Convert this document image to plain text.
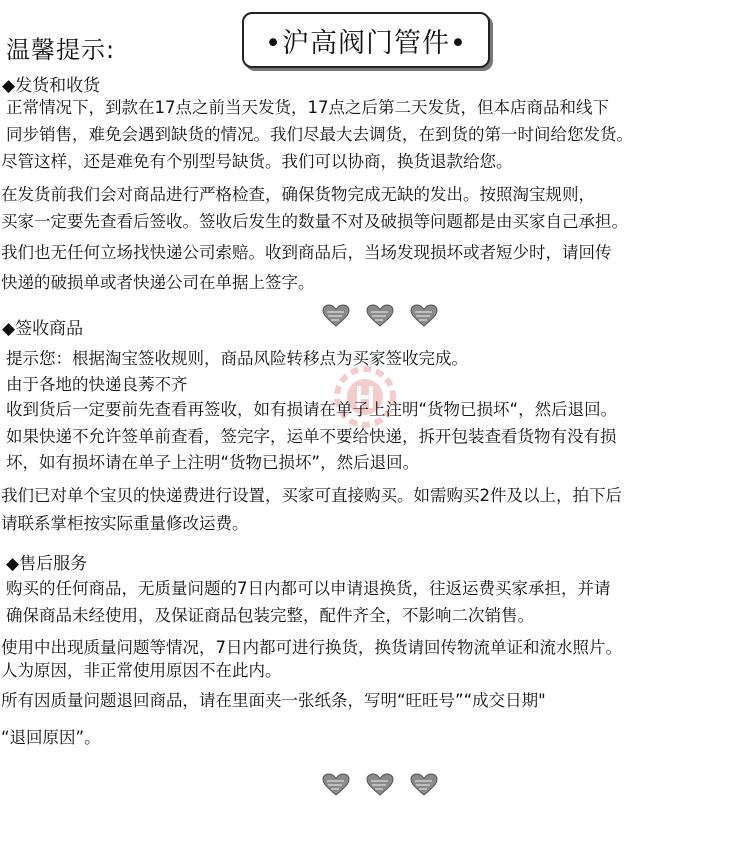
温馨提示:	•沪高阀门管件•
◆发货和收货
正常情况下，到款在17点之前当天发货，17点之后第二天发货，但本店商品和线下
同步销售，难免会遇到缺货的情况。我们尽最大去调货，在到货的第一时间给您发货。
尽管这样，还是难免有个别型号缺货。我们可以协商，换货退款给您。
在发货前我们会对商品进行严格检查，确保货物完成无缺的发出。按照淘宝规则，
买家一定要先查看后签收。签收后发生的数量不对及破损等问题都是由买家自己承担。
我们也无任何立场找快递公司索赔。收到商品后，当场发现损坏或者短少时，请回传
快递的破损单或者快递公司在单据上签字。
◆签收商品
提示您：根据淘宝签收规则，商品风险转移点为买家签收完成。
由于各地的快递良莠不齐
收到货后一定要前先查看再签收，如有损请在单子上注明“货物已损坏“，然后退回。
如果快递不允许签单前查看，签完字，运单不要给快递，拆开包装查看货物有没有损
坏，如有损坏请在单子上注明“货物已损坏”，然后退回。
我们已对单个宝贝的快递费进行设置，买家可直接购买。如需购买2件及以上，拍下后
请联系掌柜按实际重量修改运费。
◆售后服务
购买的任何商品，无质量问题的7日内都可以申请退换货，往返运费买家承担，并请
确保商品未经使用，及保证商品包装完整，配件齐全，不影响二次销售。
使用中出现质量问题等情况，7日内都可进行换货，换货请回传物流单证和流水照片。
人为原因，非正常使用原因不在此内。
所有因质量问题退回商品，请在里面夹一张纸条，写明“旺旺号”“成交日期"
“退回原因”。
